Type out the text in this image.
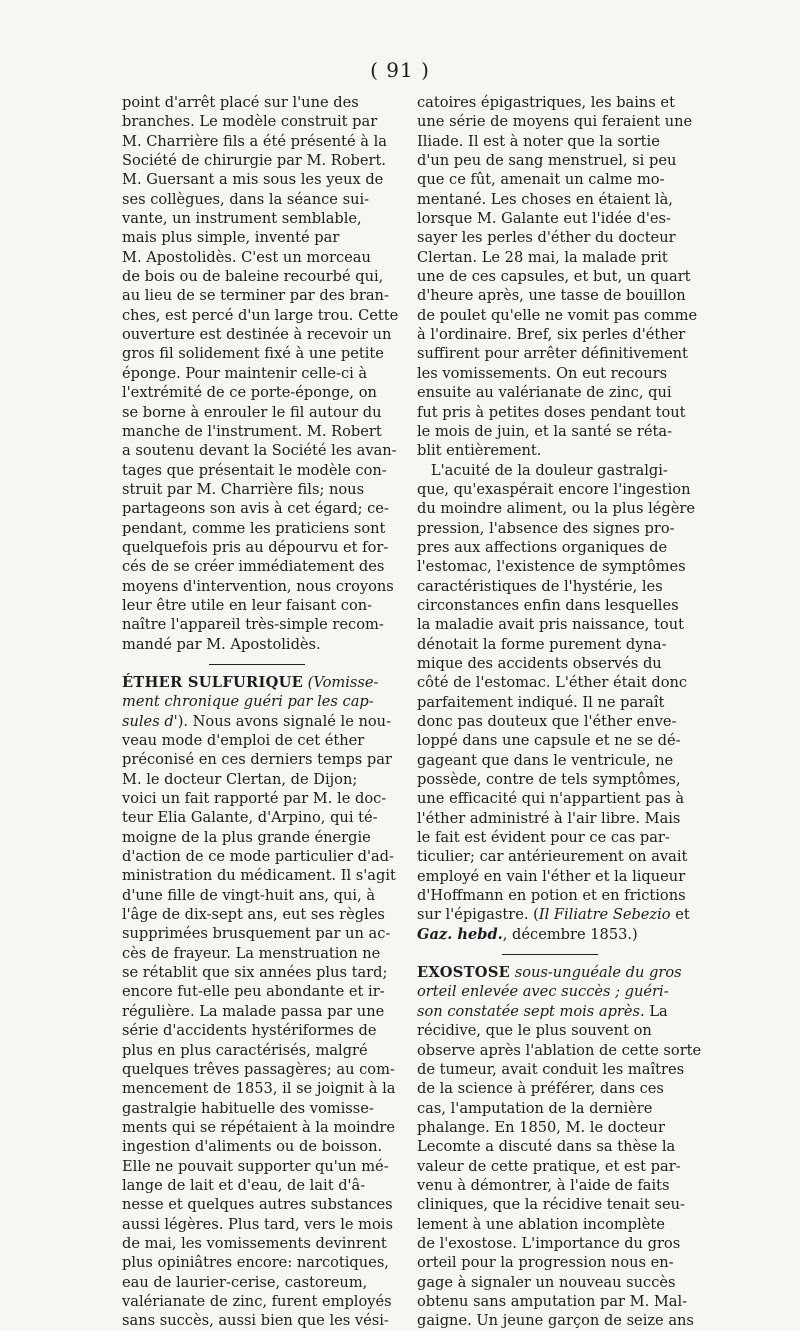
( 91 )
point d'arrêt placé sur l'une des
branches. Le modèle construit par
M. Charrière fils a été présenté à la
Société de chirurgie par M. Robert.
M. Guersant a mis sous les yeux de
ses collègues, dans la séance sui-
vante, un instrument semblable,
mais plus simple, inventé par
M. Apostolidès. C'est un morceau
de bois ou de baleine recourbé qui,
au lieu de se terminer par des bran-
ches, est percé d'un large trou. Cette
ouverture est destinée à recevoir un
gros fil solidement fixé à une petite
éponge. Pour maintenir celle-ci à
l'extrémité de ce porte-éponge, on
se borne à enrouler le fil autour du
manche de l'instrument. M. Robert
a soutenu devant la Société les avan-
tages que présentait le modèle con-
struit par M. Charrière fils; nous
partageons son avis à cet égard; ce-
pendant, comme les praticiens sont
quelquefois pris au dépourvu et for-
cés de se créer immédiatement des
moyens d'intervention, nous croyons
leur être utile en leur faisant con-
naître l'appareil très-simple recom-
mandé par M. Apostolidès.
ÉTHER SULFURIQUE (Vomisse-
ment chronique guéri par les cap-
sules d'). Nous avons signalé le nou-
veau mode d'emploi de cet éther
préconisé en ces derniers temps par
M. le docteur Clertan, de Dijon;
voici un fait rapporté par M. le doc-
teur Elia Galante, d'Arpino, qui té-
moigne de la plus grande énergie
d'action de ce mode particulier d'ad-
ministration du médicament. Il s'agit
d'une fille de vingt-huit ans, qui, à
l'âge de dix-sept ans, eut ses règles
supprimées brusquement par un ac-
cès de frayeur. La menstruation ne
se rétablit que six années plus tard;
encore fut-elle peu abondante et ir-
régulière. La malade passa par une
série d'accidents hystériformes de
plus en plus caractérisés, malgré
quelques trêves passagères; au com-
mencement de 1853, il se joignit à la
gastralgie habituelle des vomisse-
ments qui se répétaient à la moindre
ingestion d'aliments ou de boisson.
Elle ne pouvait supporter qu'un mé-
lange de lait et d'eau, de lait d'â-
nesse et quelques autres substances
aussi légères. Plus tard, vers le mois
de mai, les vomissements devinrent
plus opiniâtres encore: narcotiques,
eau de laurier-cerise, castoreum,
valérianate de zinc, furent employés
sans succès, aussi bien que les vési-
catoires épigastriques, les bains et
une série de moyens qui feraient une
Iliade. Il est à noter que la sortie
d'un peu de sang menstruel, si peu
que ce fût, amenait un calme mo-
mentané. Les choses en étaient là,
lorsque M. Galante eut l'idée d'es-
sayer les perles d'éther du docteur
Clertan. Le 28 mai, la malade prit
une de ces capsules, et but, un quart
d'heure après, une tasse de bouillon
de poulet qu'elle ne vomit pas comme
à l'ordinaire. Bref, six perles d'éther
suffirent pour arrêter définitivement
les vomissements. On eut recours
ensuite au valérianate de zinc, qui
fut pris à petites doses pendant tout
le mois de juin, et la santé se réta-
blit entièrement.
L'acuité de la douleur gastralgi-
que, qu'exaspérait encore l'ingestion
du moindre aliment, ou la plus légère
pression, l'absence des signes pro-
pres aux affections organiques de
l'estomac, l'existence de symptômes
caractéristiques de l'hystérie, les
circonstances enfin dans lesquelles
la maladie avait pris naissance, tout
dénotait la forme purement dyna-
mique des accidents observés du
côté de l'estomac. L'éther était donc
parfaitement indiqué. Il ne paraît
donc pas douteux que l'éther enve-
loppé dans une capsule et ne se dé-
gageant que dans le ventricule, ne
possède, contre de tels symptômes,
une efficacité qui n'appartient pas à
l'éther administré à l'air libre. Mais
le fait est évident pour ce cas par-
ticulier; car antérieurement on avait
employé en vain l'éther et la liqueur
d'Hoffmann en potion et en frictions
sur l'épigastre. (Il Filiatre Sebezio et
Gaz. hebd., décembre 1853.)
EXOSTOSE sous-unguéale du gros
orteil enlevée avec succès ; guéri-
son constatée sept mois après. La
récidive, que le plus souvent on
observe après l'ablation de cette sorte
de tumeur, avait conduit les maîtres
de la science à préférer, dans ces
cas, l'amputation de la dernière
phalange. En 1850, M. le docteur
Lecomte a discuté dans sa thèse la
valeur de cette pratique, et est par-
venu à démontrer, à l'aide de faits
cliniques, que la récidive tenait seu-
lement à une ablation incomplète
de l'exostose. L'importance du gros
orteil pour la progression nous en-
gage à signaler un nouveau succès
obtenu sans amputation par M. Mal-
gaigne. Un jeune garçon de seize ans
